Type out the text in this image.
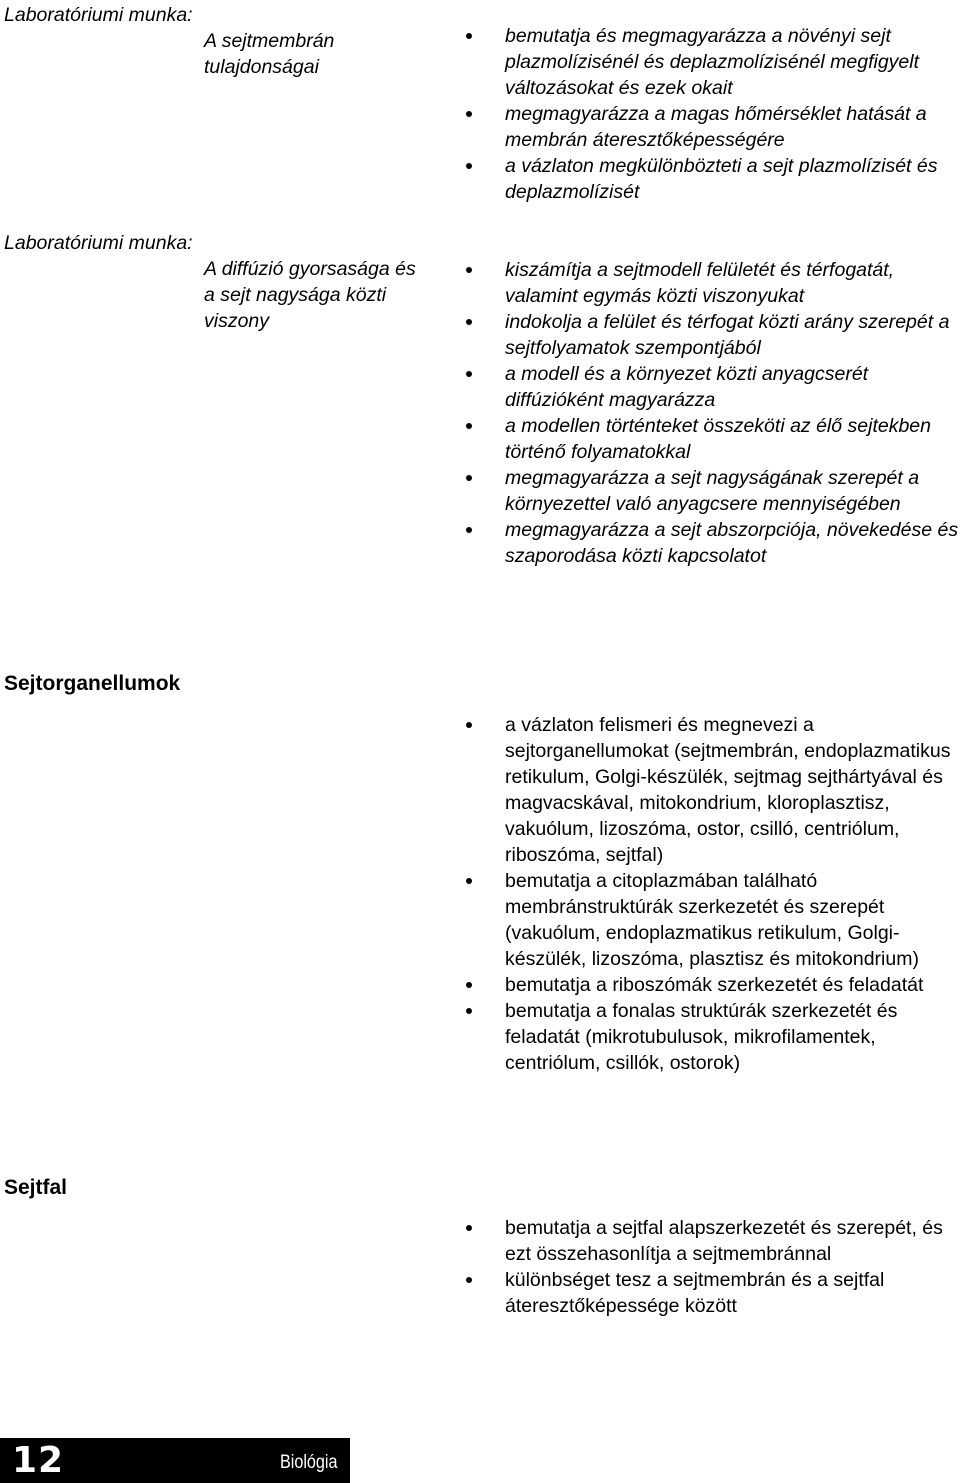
Laboratóriumi munka:
A sejtmembrán
tulajdonságai
bemutatja és megmagyarázza a növényi sejt plazmolízisénél és deplazmolízisénél megfigyelt változásokat és ezek okait
megmagyarázza a magas hőmérséklet hatását a membrán áteresztőképességére
a vázlaton megkülönbözteti a sejt plazmolízisét és deplazmolízisét
Laboratóriumi munka:
A diffúzió gyorsasága és
a sejt nagysága közti
viszony
kiszámítja a sejtmodell felületét és térfogatát, valamint egymás közti viszonyukat
indokolja a felület és térfogat közti arány szerepét a sejtfolyamatok szempontjából
a modell és a környezet közti anyagcserét diffúzióként magyarázza
a modellen történteket összeköti az élő sejtekben történő folyamatokkal
megmagyarázza a sejt nagyságának szerepét a környezettel való anyagcsere mennyiségében
megmagyarázza a sejt abszorpciója, növekedése és szaporodása közti kapcsolatot
Sejtorganellumok
a vázlaton felismeri és megnevezi a sejtorganellumokat (sejtmembrán, endoplazmatikus retikulum, Golgi-készülék, sejtmag sejthártyával és magvacskával, mitokondrium, kloroplasztisz, vakuólum, lizoszóma, ostor, csilló, centriólum, riboszóma, sejtfal)
bemutatja a citoplazmában található membránstruktúrák szerkezetét és szerepét (vakuólum, endoplazmatikus retikulum, Golgi-készülék, lizoszóma, plasztisz és mitokondrium)
bemutatja a riboszómák szerkezetét és feladatát
bemutatja a fonalas struktúrák szerkezetét és feladatát (mikrotubulusok, mikrofilamentek, centriólum, csillók, ostorok)
Sejtfal
bemutatja a sejtfal alapszerkezetét és szerepét, és ezt összehasonlítja a sejtmembránnal
különbséget tesz a sejtmembrán és a sejtfal áteresztőképessége között
12	Biológia
